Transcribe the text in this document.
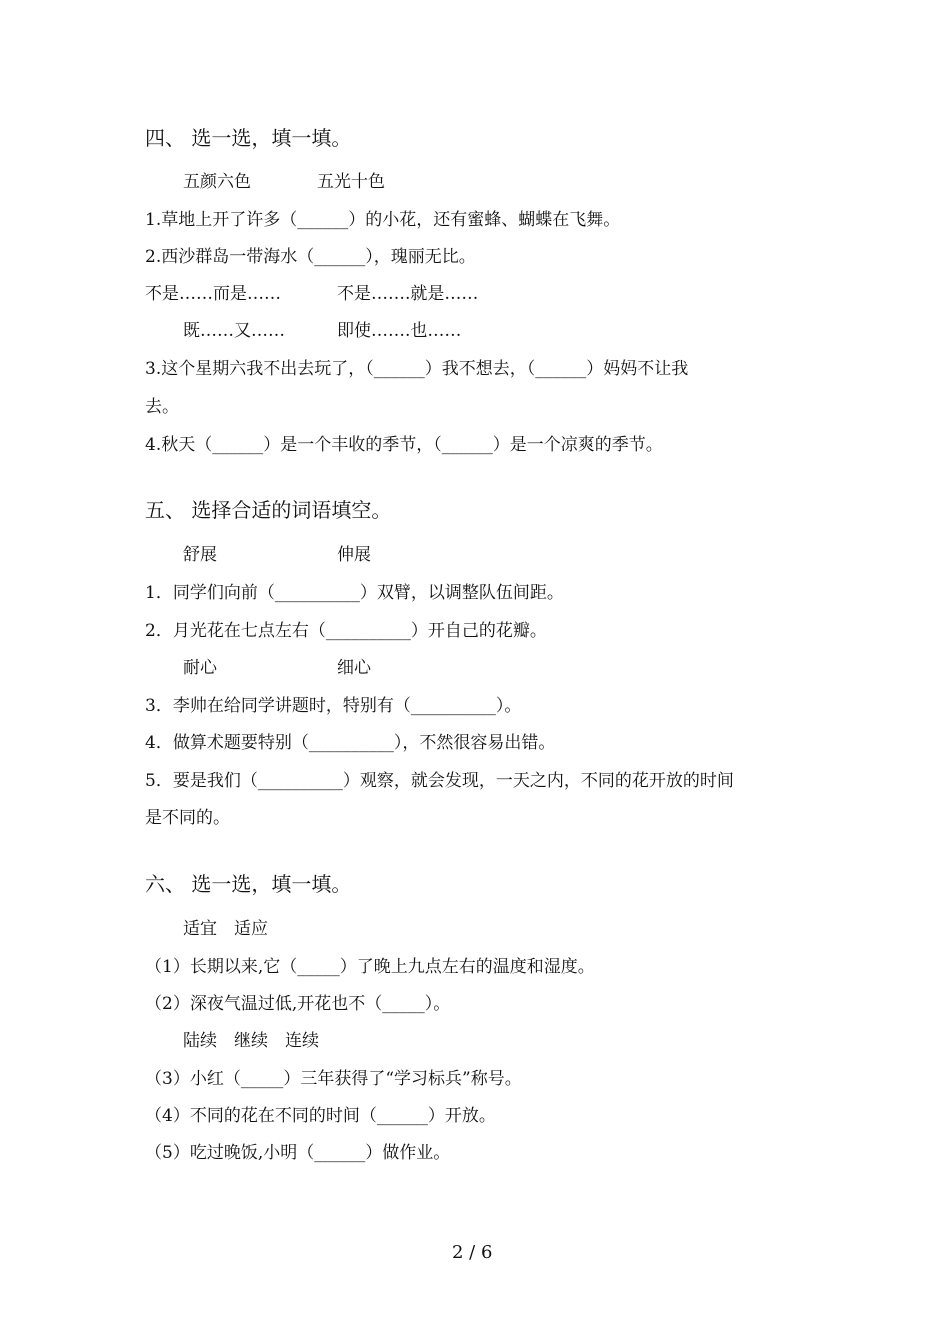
四、 选一选，填一填。
五颜六色	五光十色
1.草地上开了许多（______）的小花，还有蜜蜂、蝴蝶在飞舞。
2.西沙群岛一带海水（______），瑰丽无比。
不是……而是……	不是…….就是……
既……又……	即使…….也……
3.这个星期六我不出去玩了，（______）我不想去，（______）妈妈不让我
去。
4.秋天（______）是一个丰收的季节，（______）是一个凉爽的季节。
五、 选择合适的词语填空。
舒展	伸展
1．同学们向前（__________）双臂，以调整队伍间距。
2．月光花在七点左右（__________）开自己的花瓣。
耐心	细心
3．李帅在给同学讲题时，特别有（__________）。
4．做算术题要特别（__________），不然很容易出错。
5．要是我们（__________）观察，就会发现，一天之内，不同的花开放的时间
是不同的。
六、 选一选，填一填。
适宜　适应
（1）长期以来,它（_____）了晚上九点左右的温度和湿度。
（2）深夜气温过低,开花也不（_____）。
陆续　继续　连续
（3）小红（_____）三年获得了“学习标兵”称号。
（4）不同的花在不同的时间（______）开放。
（5）吃过晚饭,小明（______）做作业。
2 / 6
